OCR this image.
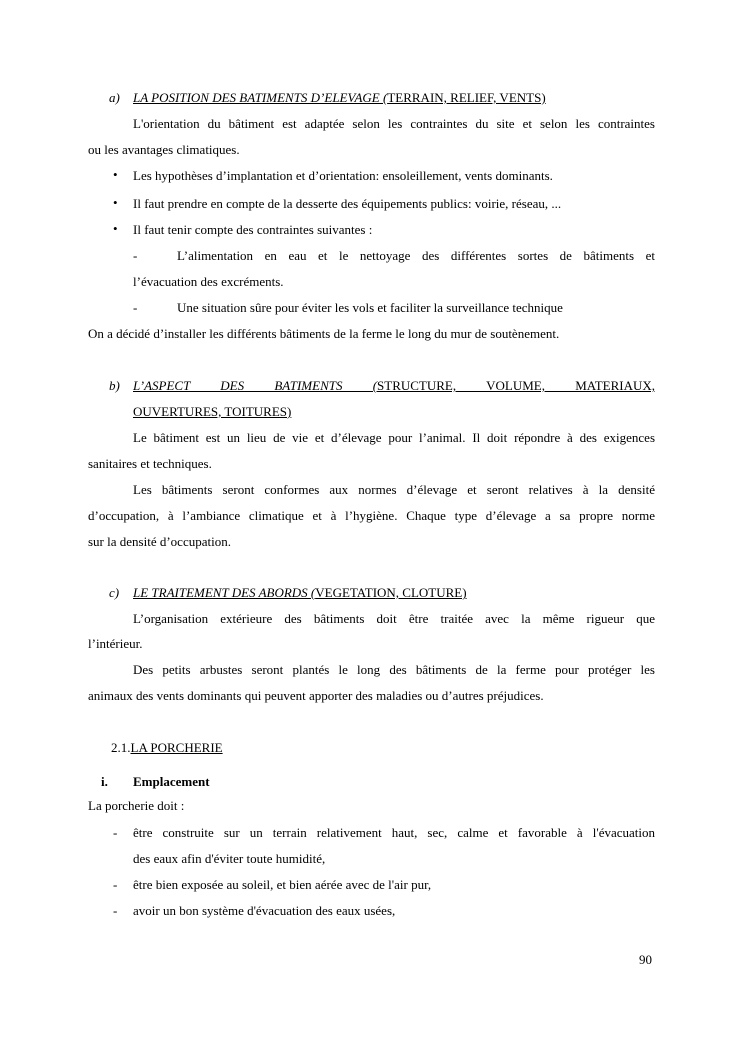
a) LA POSITION DES BATIMENTS D’ELEVAGE (TERRAIN, RELIEF, VENTS)
L'orientation du bâtiment est adaptée selon les contraintes du site et selon les contraintes
ou les avantages climatiques.
• Les hypothèses d’implantation et d’orientation: ensoleillement, vents dominants.
• Il faut prendre en compte de la desserte des équipements publics: voirie, réseau, ...
• Il faut tenir compte des contraintes suivantes :
-	L’alimentation en eau et le nettoyage des différentes sortes de bâtiments et
l’évacuation des excréments.
-	Une situation sûre pour éviter les vols et faciliter la surveillance technique
On a décidé d’installer les différents bâtiments de la ferme le long du mur de soutènement.
b) L’ASPECT DES BATIMENTS (STRUCTURE, VOLUME, MATERIAUX,
OUVERTURES, TOITURES)
Le bâtiment est un lieu de vie et d’élevage pour l’animal. Il doit répondre à des exigences
sanitaires et techniques.
Les bâtiments seront conformes aux normes d’élevage et seront relatives à la densité
d’occupation, à l’ambiance climatique et à l’hygiène. Chaque type d’élevage a sa propre norme
sur la densité d’occupation.
c) LE TRAITEMENT DES ABORDS (VEGETATION, CLOTURE)
L’organisation extérieure des bâtiments doit être traitée avec la même rigueur que
l’intérieur.
Des petits arbustes seront plantés le long des bâtiments de la ferme pour protéger les
animaux des vents dominants qui peuvent apporter des maladies ou d’autres préjudices.
2.1.LA PORCHERIE
i. Emplacement
La porcherie doit :
- être construite sur un terrain relativement haut, sec, calme et favorable à l'évacuation
des eaux afin d'éviter toute humidité,
- être bien exposée au soleil, et bien aérée avec de l'air pur,
- avoir un bon système d'évacuation des eaux usées,
90
